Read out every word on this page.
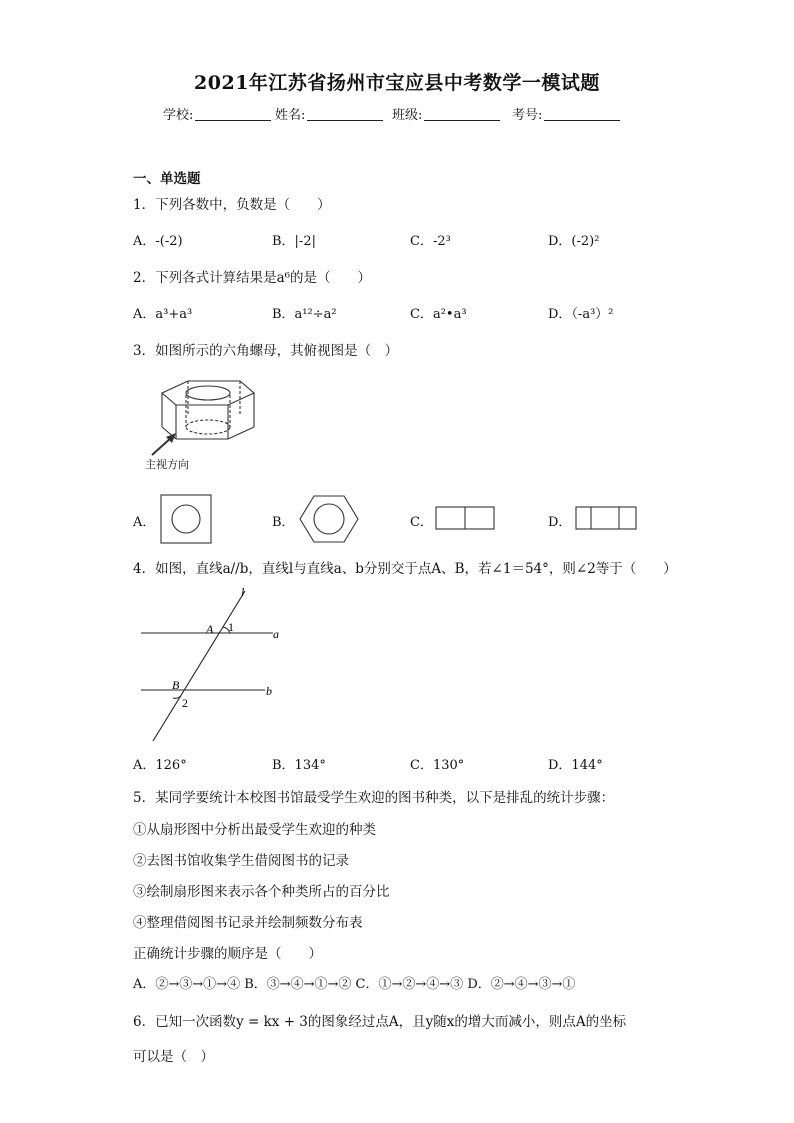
2021年江苏省扬州市宝应县中考数学一模试题
学校:	姓名:	班级:	考号:
一、单选题
1．下列各数中，负数是（　　）
A．-(-2)	B．|-2|	C．-2³	D．(-2)²
2．下列各式计算结果是a⁶的是（　　）
A．a³+a³	B．a¹²÷a²	C．a²•a³	D．（-a³）²
3．如图所示的六角螺母，其俯视图是（　）
主视方向
A．	B．	C．	D．
4．如图，直线a//b，直线l与直线a、b分别交于点A、B，若∠1＝54°，则∠2等于（　　）
l
A 1	a
B	b
2
A．126°	B．134°	C．130°	D．144°
5．某同学要统计本校图书馆最受学生欢迎的图书种类，以下是排乱的统计步骤：
①从扇形图中分析出最受学生欢迎的种类
②去图书馆收集学生借阅图书的记录
③绘制扇形图来表示各个种类所占的百分比
④整理借阅图书记录并绘制频数分布表
正确统计步骤的顺序是（　　）
A．②→③→①→④ B．③→④→①→② C．①→②→④→③ D．②→④→③→①
6．已知一次函数y = kx + 3的图象经过点A，且y随x的增大而减小，则点A的坐标
可以是（　）
